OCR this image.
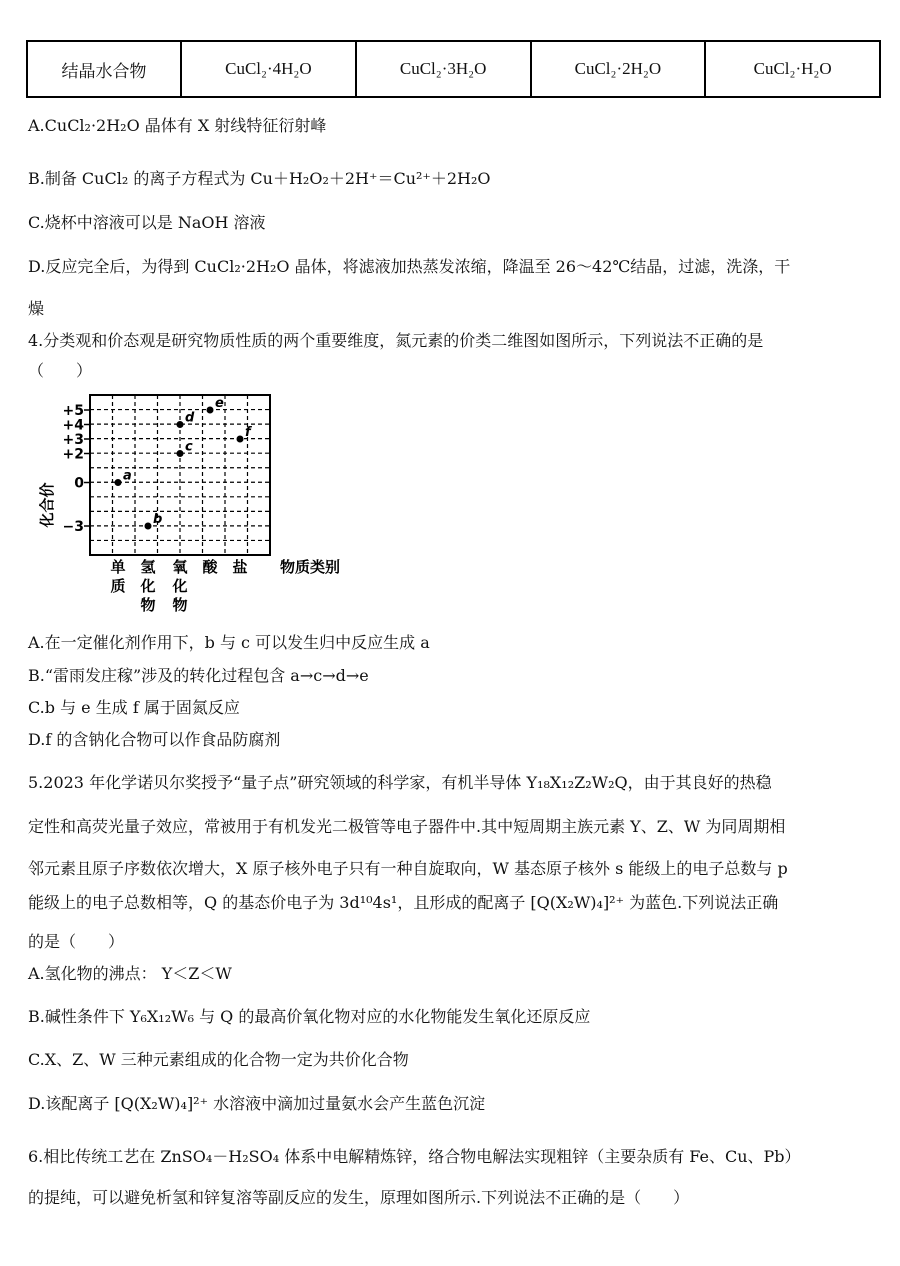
结晶水合物	CuCl₂·4H₂O	CuCl₂·3H₂O	CuCl₂·2H₂O	CuCl₂·H₂O
A.CuCl₂·2H₂O 晶体有 X 射线特征衍射峰
B.制备 CuCl₂ 的离子方程式为 Cu＋H₂O₂＋2H⁺＝Cu²⁺＋2H₂O
C.烧杯中溶液可以是 NaOH 溶液
D.反应完全后，为得到 CuCl₂·2H₂O 晶体，将滤液加热蒸发浓缩，降温至 26～42℃结晶，过滤，洗涤，干
燥
4.分类观和价态观是研究物质性质的两个重要维度，氮元素的价类二维图如图所示，下列说法不正确的是
（　　）
化合价
+5
+4
+3
+2
0
−3
单
质
氢
化
物
氧
化
物
酸 盐 物质类别
a
b
c
d
e
f
A.在一定催化剂作用下，b 与 c 可以发生归中反应生成 a
B.“雷雨发庄稼”涉及的转化过程包含 a→c→d→e
C.b 与 e 生成 f 属于固氮反应
D.f 的含钠化合物可以作食品防腐剂
5.2023 年化学诺贝尔奖授予“量子点”研究领域的科学家，有机半导体 Y₁₈X₁₂Z₂W₂Q，由于其良好的热稳
定性和高荧光量子效应，常被用于有机发光二极管等电子器件中.其中短周期主族元素 Y、Z、W 为同周期相
邻元素且原子序数依次增大，X 原子核外电子只有一种自旋取向，W 基态原子核外 s 能级上的电子总数与 p
能级上的电子总数相等，Q 的基态价电子为 3d¹⁰4s¹，且形成的配离子 [Q(X₂W)₄]²⁺ 为蓝色.下列说法正确
的是（　　）
A.氢化物的沸点： Y＜Z＜W
B.碱性条件下 Y₆X₁₂W₆ 与 Q 的最高价氧化物对应的水化物能发生氧化还原反应
C.X、Z、W 三种元素组成的化合物一定为共价化合物
D.该配离子 [Q(X₂W)₄]²⁺ 水溶液中滴加过量氨水会产生蓝色沉淀
6.相比传统工艺在 ZnSO₄－H₂SO₄ 体系中电解精炼锌，络合物电解法实现粗锌（主要杂质有 Fe、Cu、Pb）
的提纯，可以避免析氢和锌复溶等副反应的发生，原理如图所示.下列说法不正确的是（　　）
